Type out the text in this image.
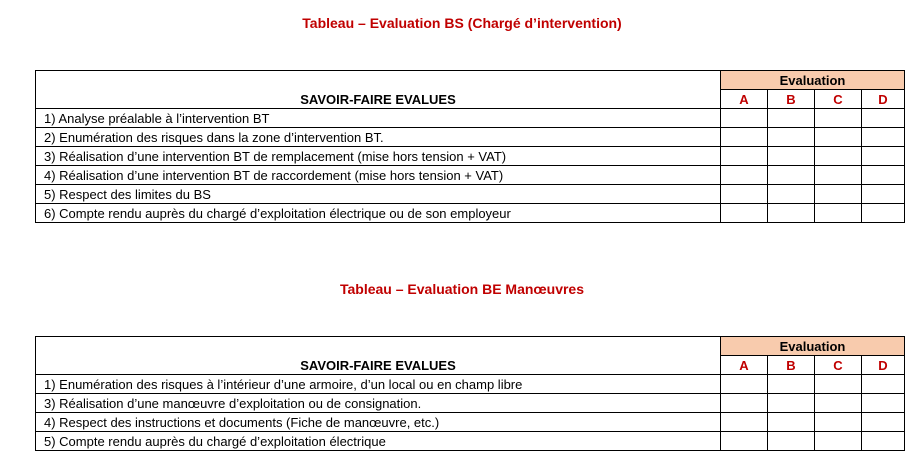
Tableau – Evaluation BS (Chargé d’intervention)
SAVOIR-FAIRE EVALUES	Evaluation			
	A	B	C	D
1) Analyse préalable à l’intervention BT				
2) Enumération des risques dans la zone d’intervention BT.				
3) Réalisation d’une intervention BT de remplacement (mise hors tension + VAT)				
4) Réalisation d’une intervention BT de raccordement (mise hors tension + VAT)				
5) Respect des limites du BS				
6) Compte rendu auprès du chargé d’exploitation électrique ou de son employeur				
Tableau – Evaluation BE Manœuvres
SAVOIR-FAIRE EVALUES	Evaluation			
	A	B	C	D
1) Enumération des risques à l’intérieur d’une armoire, d’un local ou en champ libre				
3) Réalisation d’une manœuvre d’exploitation ou de consignation.				
4) Respect des instructions et documents (Fiche de manœuvre, etc.)				
5) Compte rendu auprès du chargé d’exploitation électrique				
